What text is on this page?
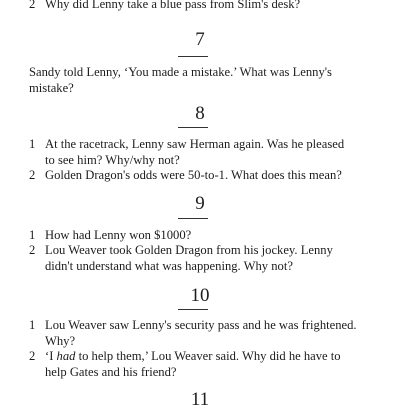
2 Why did Lenny take a blue pass from Slim's desk?
7
Sandy told Lenny, ‘You made a mistake.’ What was Lenny's
mistake?
8
1 At the racetrack, Lenny saw Herman again. Was he pleased
to see him? Why/why not?
2 Golden Dragon's odds were 50-to-1. What does this mean?
9
1 How had Lenny won $1000?
2 Lou Weaver took Golden Dragon from his jockey. Lenny
didn't understand what was happening. Why not?
10
1 Lou Weaver saw Lenny's security pass and he was frightened.
Why?
2 ‘I had to help them,’ Lou Weaver said. Why did he have to
help Gates and his friend?
11
